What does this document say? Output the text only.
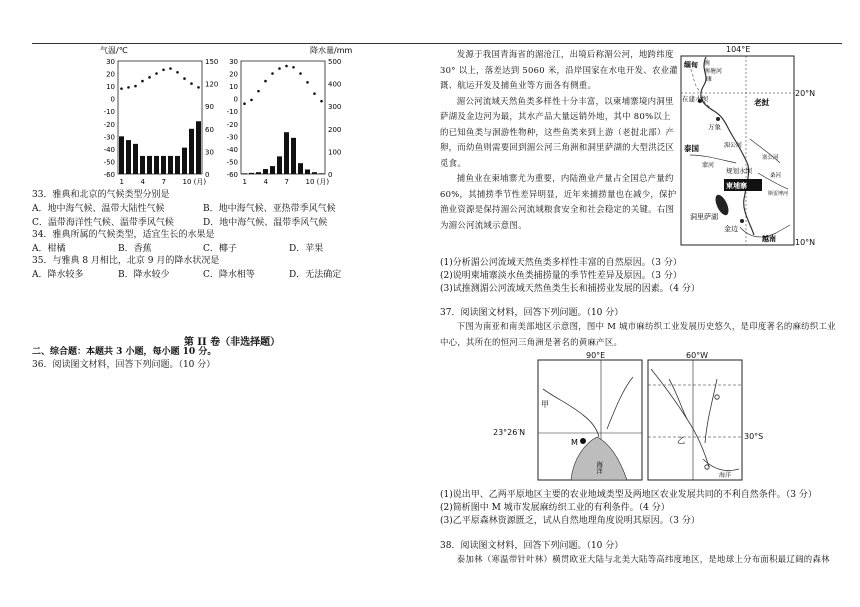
气温/℃	降水量/mm
30
20
10
0
-10
-20
-30
-40
-50
-60
150
120
90
60
30
0
30
20
10
0
-10
-20
-30
-40
-50
-60
500
400
300
200
100
0
1 4 7 10 (月)	1 4 7 10 (月)
33．雅典和北京的气候类型分别是
A．地中海气候、温带大陆性气候	B．地中海气候、亚热带季风气候
C．温带海洋性气候、温带季风气候	D．地中海气候、温带季风气候
34．雅典所属的气候类型，适宜生长的水果是
A．柑橘	B．香蕉	C．椰子	D．苹果
35．与雅典 8 月相比，北京 9 月的降水状况是
A．降水较多	B．降水较少	C．降水相等	D．无法确定
第 II 卷（非选择题）
二、综合题：本题共 3 小题，每小题 10 分。
36．阅读图文材料，回答下列问题。（10 分）
发源于我国青海省的湄沧江，出境后称湄公河，地跨纬度 30° 以上，落差达到 5060 米，沿岸国家在水电开发、农业灌溉、航运开发及捕鱼业等方面各有侧重。
湄公河流域天然鱼类多样性十分丰富，以柬埔寨境内洞里萨湖及金边河为最，其水产品大量远销外地，其中 80%以上的已知鱼类与洄游性物种，这些鱼类来到上游（老挝北部）产卵，而幼鱼则需要回到湄公河三角洲和洞里萨湖的大型洪泛区觅食。
捕鱼业在柬埔寨尤为重要，内陆渔业产量占全国总产量约 60%，其捕捞季节性差异明显，近年来捕捞量也在减少，保护渔业资源是保持湄公河流域粮食安全和社会稳定的关键。右图为湄公河流域示意图。
(1)分析湄公河流域天然鱼类多样性丰富的自然原因。（3 分）
(2)说明柬埔寨淡水鱼类捕捞量的季节性差异及原因。（3 分）
(3)试推测湄公河流域天然鱼类生长和捕捞业发展的因素。（4 分）
104°E
20°N
10°N
缅甸
南塘河
在建水坝	老挝
万象
泰国
蒙河
湄公河
塞公河
桑河
斯雷博河
规划水坝
柬埔寨
洞里萨湖
金边
越南
南
康
37．阅读图文材料，回答下列问题。（10 分）
下图为南亚和南美部地区示意图，图中 M 城市麻纺织工业发展历史悠久，是印度著名的麻纺织工业中心，其所在的恒河三角洲是著名的黄麻产区。
90°E	60°W
23°26′N	30°S
甲
M
海洋
乙
海洋
(1)说出甲、乙两平原地区主要的农业地域类型及两地区农业发展共同的不利自然条件。（3 分）
(2)简析图中 M 城市发展麻纺织工业的有利条件。（4 分）
(3)乙平原森林资源匮乏，试从自然地理角度说明其原因。（3 分）
38．阅读图文材料，回答下列问题。（10 分）
泰加林（寒温带针叶林）横贯欧亚大陆与北美大陆等高纬度地区，是地球上分布面积最辽阔的森林
